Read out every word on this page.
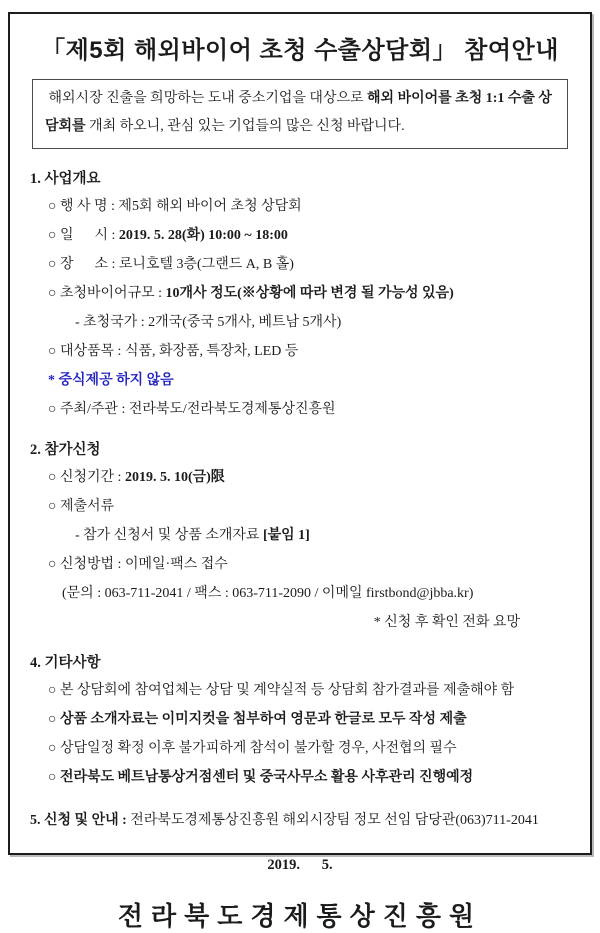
「제5회 해외바이어 초청 수출상담회」 참여안내
해외시장 진출을 희망하는 도내 중소기업을 대상으로 해외 바이어를 초청 1:1 수출 상담회를 개최 하오니, 관심 있는 기업들의 많은 신청 바랍니다.
1. 사업개요
○ 행 사 명 : 제5회 해외 바이어 초청 상담회
○ 일      시 : 2019. 5. 28(화) 10:00 ~ 18:00
○ 장      소 : 로니호텔 3층(그랜드 A, B 홀)
○ 초청바이어규모 : 10개사 정도(※상황에 따라 변경 될 가능성 있음)
- 초청국가 : 2개국(중국 5개사, 베트남 5개사)
○ 대상품목 : 식품, 화장품, 특장차, LED 등
* 중식제공 하지 않음
○ 주최/주관 : 전라북도/전라북도경제통상진흥원
2. 참가신청
○ 신청기간 : 2019. 5. 10(금)限
○ 제출서류
- 참가 신청서 및 상품 소개자료 [붙임 1]
○ 신청방법 : 이메일·팩스 접수
(문의 : 063-711-2041 / 팩스 : 063-711-2090 / 이메일 firstbond@jbba.kr)
* 신청 후 확인 전화 요망
4. 기타사항
○ 본 상담회에 참여업체는 상담 및 계약실적 등 상담회 참가결과를 제출해야 함
○ 상품 소개자료는 이미지컷을 첨부하여 영문과 한글로 모두 작성 제출
○ 상담일정 확정 이후 불가피하게 참석이 불가할 경우, 사전협의 필수
○ 전라북도 베트남통상거점센터 및 중국사무소 활용 사후관리 진행예정
5. 신청 및 안내 : 전라북도경제통상진흥원 해외시장팀 정모 선임 담당관(063)711-2041
2019.      5.
전라북도경제통상진흥원
